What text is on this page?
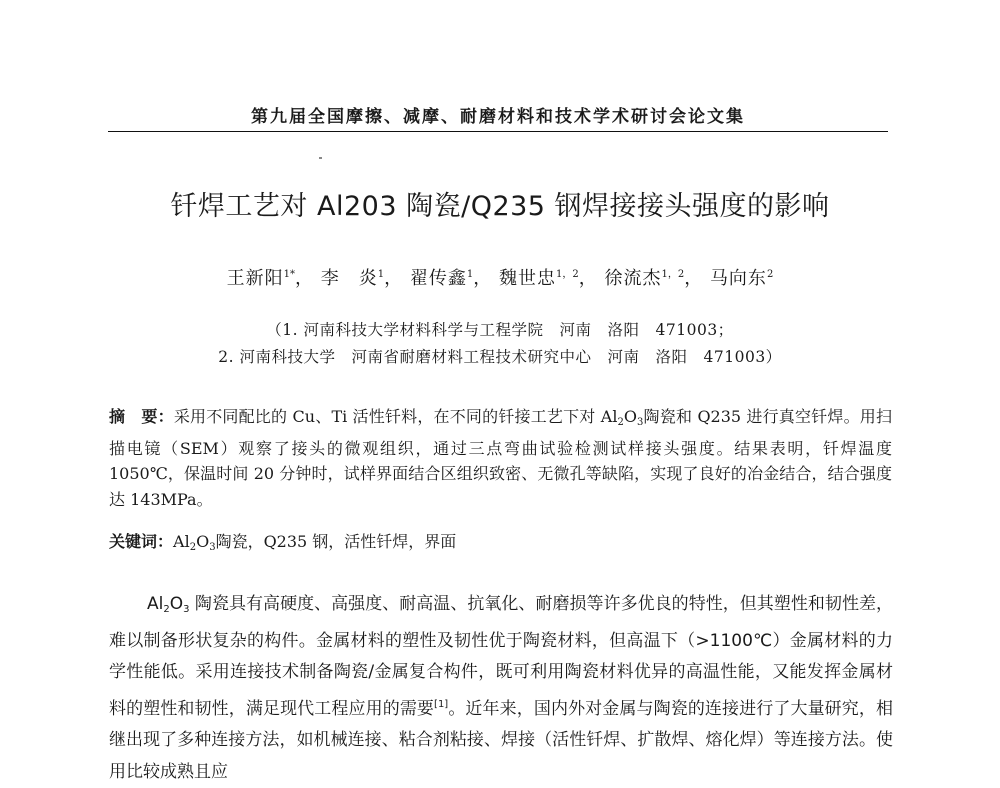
第九届全国摩擦、减摩、耐磨材料和技术学术研讨会论文集
钎焊工艺对 Al203 陶瓷/Q235 钢焊接接头强度的影响
王新阳$^{1*}$， 李　炎$^1$， 翟传鑫$^1$， 魏世忠$^{1,2}$， 徐流杰$^{1,2}$， 马向东$^2$
（1. 河南科技大学材料科学与工程学院　河南　洛阳　471003；
2. 河南科技大学　河南省耐磨材料工程技术研究中心　河南　洛阳　471003）
摘　要：采用不同配比的 Cu、Ti 活性钎料，在不同的钎接工艺下对 $Al_2O_3$陶瓷和 Q235 进行真空钎焊。用扫描电镜（SEM）观察了接头的微观组织，通过三点弯曲试验检测试样接头强度。结果表明，钎焊温度 1050℃，保温时间 20 分钟时，试样界面结合区组织致密、无微孔等缺陷，实现了良好的冶金结合，结合强度达 143MPa。
关键词：$Al_2O_3$陶瓷，Q235 钢，活性钎焊，界面
$Al_2O_3$ 陶瓷具有高硬度、高强度、耐高温、抗氧化、耐磨损等许多优良的特性，但其塑性和韧性差，难以制备形状复杂的构件。金属材料的塑性及韧性优于陶瓷材料，但高温下（>1100℃）金属材料的力学性能低。采用连接技术制备陶瓷/金属复合构件，既可利用陶瓷材料优异的高温性能，又能发挥金属材料的塑性和韧性，满足现代工程应用的需要[1]。近年来，国内外对金属与陶瓷的连接进行了大量研究，相继出现了多种连接方法，如机械连接、粘合剂粘接、焊接（活性钎焊、扩散焊、熔化焊）等连接方法。使用比较成熟且应
